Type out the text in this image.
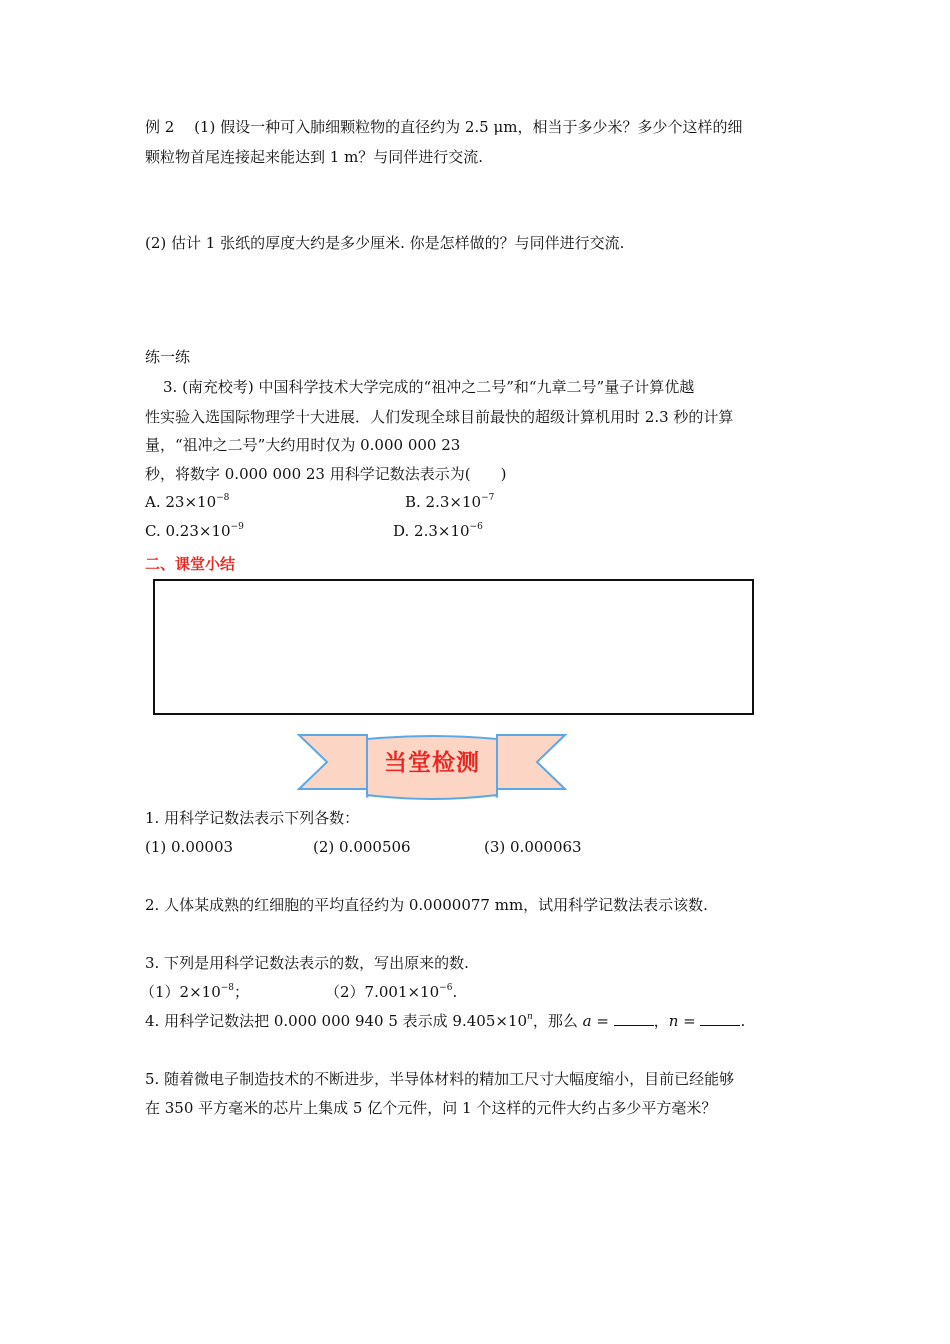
例 2　 (1) 假设一种可入肺细颗粒物的直径约为 2.5 μm，相当于多少米？多少个这样的细
颗粒物首尾连接起来能达到 1 m？与同伴进行交流.
(2) 估计 1 张纸的厚度大约是多少厘米. 你是怎样做的？与同伴进行交流.
练一练
3. (南充校考) 中国科学技术大学完成的“祖冲之二号”和“九章二号”量子计算优越
性实验入选国际物理学十大进展．人们发现全球目前最快的超级计算机用时 2.3 秒的计算
量，“祖冲之二号”大约用时仅为 0.000 000 23
秒，将数字 0.000 000 23 用科学记数法表示为(　　)
A. $23\times 10^{-8}$	B. $2.3\times 10^{-7}$
C. $0.23\times 10^{-9}$	D. $2.3\times 10^{-6}$
二、课堂小结
当堂检测
1. 用科学记数法表示下列各数：
(1) 0.00003	(2) 0.000506	(3) 0.000063
2. 人体某成熟的红细胞的平均直径约为 0.0000077 mm，试用科学记数法表示该数.
3. 下列是用科学记数法表示的数，写出原来的数.
$(1)2\times 10^{-8}$；	$(2)7.001\times 10^{-6}$.
4. 用科学记数法把 0.000 000 940 5 表示成 $9.405\times 10^n$，那么 a =	，n =	.
5. 随着微电子制造技术的不断进步，半导体材料的精加工尺寸大幅度缩小，目前已经能够
在 350 平方毫米的芯片上集成 5 亿个元件，问 1 个这样的元件大约占多少平方毫米？
